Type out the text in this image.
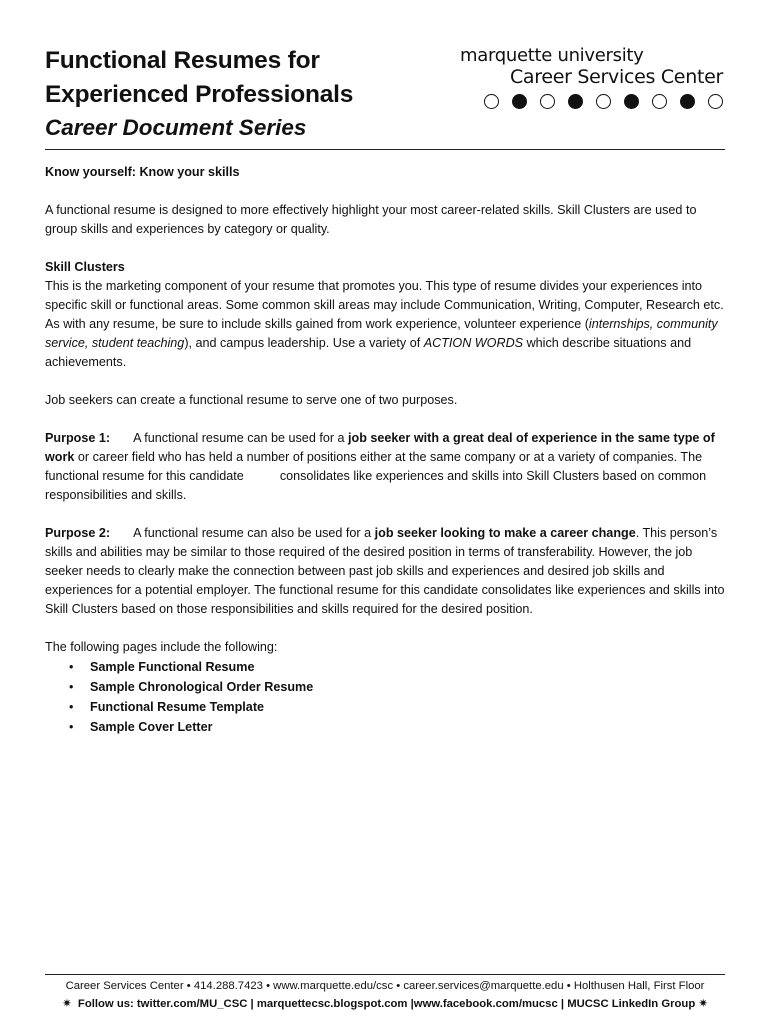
Functional Resumes for
Experienced Professionals
Career Document Series
marquette university
Career Services Center

Know yourself: Know your skills

A functional resume is designed to more effectively highlight your most career-related skills. Skill Clusters are used to group skills and experiences by category or quality.

Skill Clusters

This is the marketing component of your resume that promotes you. This type of resume divides your experiences into specific skill or functional areas. Some common skill areas may include Communication, Writing, Computer, Research etc. As with any resume, be sure to include skills gained from work experience, volunteer experience (internships, community service, student teaching), and campus leadership. Use a variety of ACTION WORDS which describe situations and achievements.

Job seekers can create a functional resume to serve one of two purposes.

Purpose 1: A functional resume can be used for a job seeker with a great deal of experience in the same type of work or career field who has held a number of positions either at the same company or at a variety of companies. The functional resume for this candidate	consolidates like experiences and skills into Skill Clusters based on common responsibilities and skills.

Purpose 2: A functional resume can also be used for a job seeker looking to make a career change. This person’s skills and abilities may be similar to those required of the desired position in terms of transferability. However, the job seeker needs to clearly make the connection between past job skills and experiences and desired job skills and experiences for a potential employer. The functional resume for this candidate consolidates like experiences and skills into Skill Clusters based on those responsibilities and skills required for the desired position.

The following pages include the following:

•	Sample Functional Resume
•	Sample Chronological Order Resume
•	Functional Resume Template
•	Sample Cover Letter
Career Services Center • 414.288.7423 • www.marquette.edu/csc • career.services@marquette.edu • Holthusen Hall, First Floor
✷ Follow us: twitter.com/MU_CSC | marquettecsc.blogspot.com |www.facebook.com/mucsc | MUCSC LinkedIn Group ✷
